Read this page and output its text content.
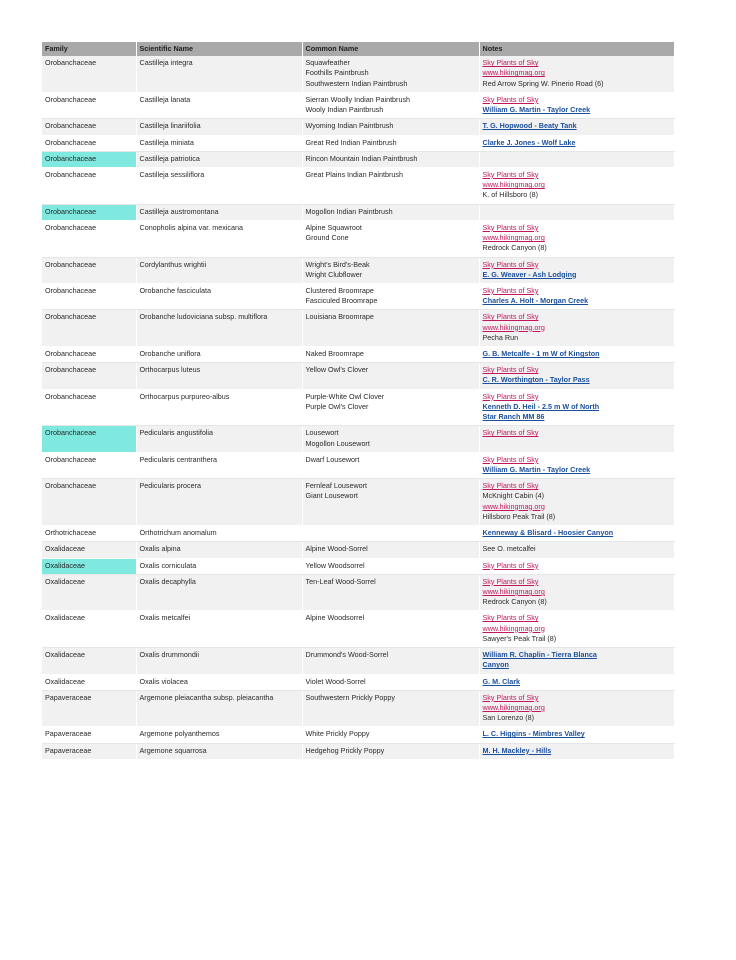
Family	Scientific Name	Common Name	Notes
Orobanchaceae	Castilleja integra	Squawfeather
Foothills Paintbrush
Southwestern Indian Paintbrush	Sky Plants of Sky
www.hikingmag.org
Red Arrow Spring W. Pinerio Road (6)

Orobanchaceae	Castilleja lanata	Sierran Woolly Indian Paintbrush
Wooly Indian Paintbrush	Sky Plants of Sky
William G. Martin - Taylor Creek

Orobanchaceae	Castilleja linariifolia	Wyoming Indian Paintbrush	T. G. Hopwood - Beaty Tank

Orobanchaceae	Castilleja miniata	Great Red Indian Paintbrush	Clarke J. Jones - Wolf Lake

Orobanchaceae	Castilleja patriotica	Rincon Mountain Indian Paintbrush	

Orobanchaceae	Castilleja sessiliflora	Great Plains Indian Paintbrush	Sky Plants of Sky
www.hikingmag.org
K. of Hillsboro (8)

Orobanchaceae	Castilleja austromontana	Mogollon Indian Paintbrush	

Orobanchaceae	Conopholis alpina var. mexicana	Alpine Squawroot
Ground Cone	Sky Plants of Sky
www.hikingmag.org
Redrock Canyon (8)

Orobanchaceae	Cordylanthus wrightii	Wright's Bird's-Beak
Wright Clubflower	Sky Plants of Sky
E. G. Weaver - Ash Lodging

Orobanchaceae	Orobanche fasciculata	Clustered Broomrape
Fasciculed Broomrape	Sky Plants of Sky
Charles A. Holt - Morgan Creek

Orobanchaceae	Orobanche ludoviciana subsp. multiflora	Louisiana Broomrape	Sky Plants of Sky
www.hikingmag.org
Pecha Run

Orobanchaceae	Orobanche uniflora	Naked Broomrape	G. B. Metcalfe - 1 m W of Kingston

Orobanchaceae	Orthocarpus luteus	Yellow Owl's Clover	Sky Plants of Sky
C. R. Worthington - Taylor Pass

Orobanchaceae	Orthocarpus purpureo-albus	Purple-White Owl Clover
Purple Owl's Clover	Sky Plants of Sky
Kenneth D. Heil - 2.5 m W of North
Star Ranch MM 86

Orobanchaceae	Pedicularis angustifolia	Lousewort
Mogollon Lousewort	Sky Plants of Sky

Orobanchaceae	Pedicularis centranthera	Dwarf Lousewort	Sky Plants of Sky
William G. Martin - Taylor Creek

Orobanchaceae	Pedicularis procera	Fernleaf Lousewort
Giant Lousewort	Sky Plants of Sky
McKnight Cabin (4)
www.hikingmag.org
Hillsboro Peak Trail (8)

Orthotrichaceae	Orthotrichum anomalum		Kenneway & Blisard - Hoosier Canyon

Oxalidaceae	Oxalis alpina	Alpine Wood-Sorrel	See O. metcalfei

Oxalidaceae	Oxalis corniculata	Yellow Woodsorrel	Sky Plants of Sky

Oxalidaceae	Oxalis decaphylla	Ten-Leaf Wood-Sorrel	Sky Plants of Sky
www.hikingmag.org
Redrock Canyon (8)

Oxalidaceae	Oxalis metcalfei	Alpine Woodsorrel	Sky Plants of Sky
www.hikingmag.org
Sawyer's Peak Trail (8)

Oxalidaceae	Oxalis drummondii	Drummond's Wood-Sorrel	William R. Chaplin - Tierra Blanca
Canyon

Oxalidaceae	Oxalis violacea	Violet Wood-Sorrel	G. M. Clark

Papaveraceae	Argemone pleiacantha subsp. pleiacantha	Southwestern Prickly Poppy	Sky Plants of Sky
www.hikingmag.org
San Lorenzo (8)

Papaveraceae	Argemone polyanthemos	White Prickly Poppy	L. C. Higgins - Mimbres Valley

Papaveraceae	Argemone squarrosa	Hedgehog Prickly Poppy	M. H. Mackley - Hills
